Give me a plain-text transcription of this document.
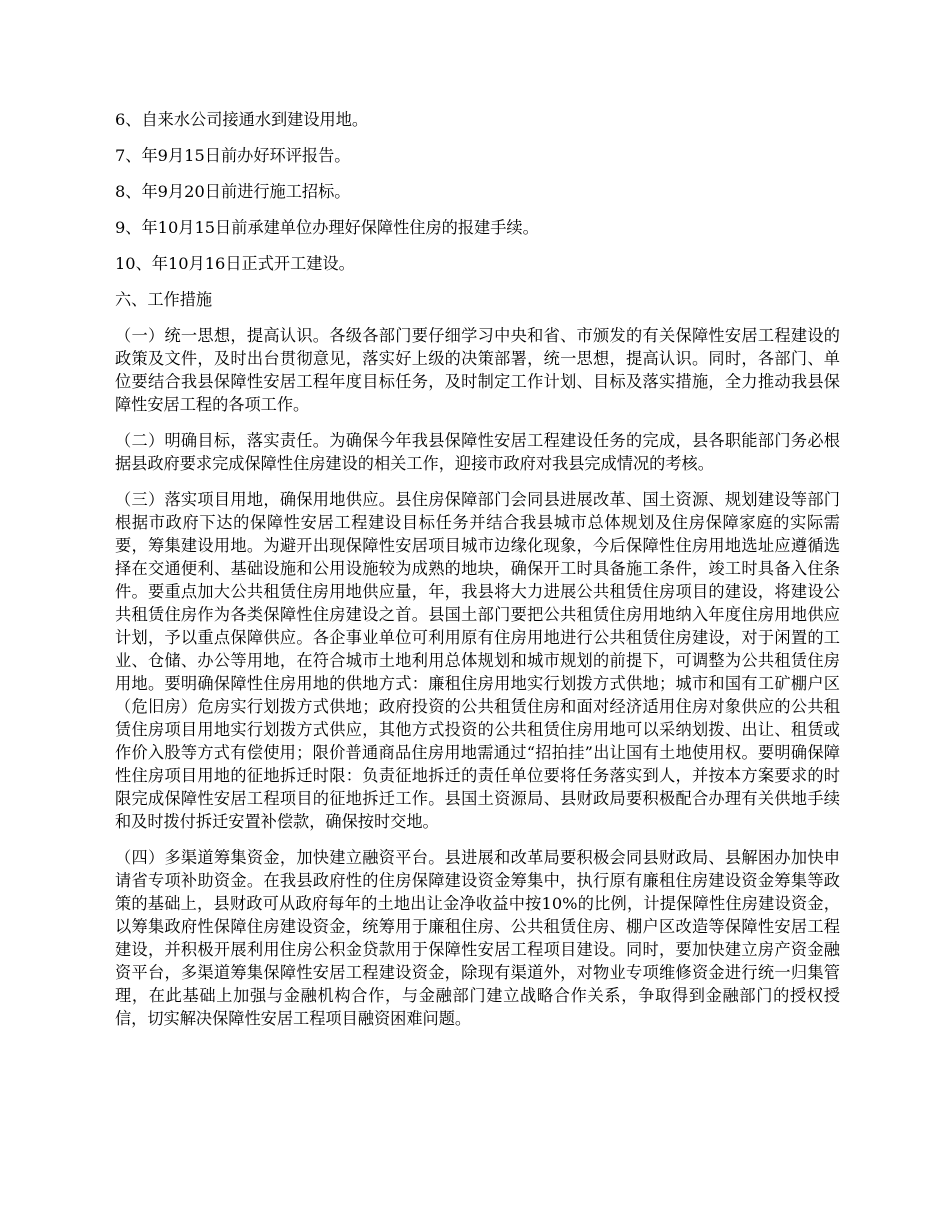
6、自来水公司接通水到建设用地。

7、年9月15日前办好环评报告。

8、年9月20日前进行施工招标。

9、年10月15日前承建单位办理好保障性住房的报建手续。

10、年10月16日正式开工建设。

六、工作措施

（一）统一思想，提高认识。各级各部门要仔细学习中央和省、市颁发的有关保障性安居工程建设的政策及文件，及时出台贯彻意见，落实好上级的决策部署，统一思想，提高认识。同时，各部门、单位要结合我县保障性安居工程年度目标任务，及时制定工作计划、目标及落实措施，全力推动我县保障性安居工程的各项工作。

（二）明确目标，落实责任。为确保今年我县保障性安居工程建设任务的完成，县各职能部门务必根据县政府要求完成保障性住房建设的相关工作，迎接市政府对我县完成情况的考核。

（三）落实项目用地，确保用地供应。县住房保障部门会同县进展改革、国土资源、规划建设等部门根据市政府下达的保障性安居工程建设目标任务并结合我县城市总体规划及住房保障家庭的实际需要，筹集建设用地。为避开出现保障性安居项目城市边缘化现象，今后保障性住房用地选址应遵循选择在交通便利、基础设施和公用设施较为成熟的地块，确保开工时具备施工条件，竣工时具备入住条件。要重点加大公共租赁住房用地供应量，年，我县将大力进展公共租赁住房项目的建设，将建设公共租赁住房作为各类保障性住房建设之首。县国土部门要把公共租赁住房用地纳入年度住房用地供应计划，予以重点保障供应。各企事业单位可利用原有住房用地进行公共租赁住房建设，对于闲置的工业、仓储、办公等用地，在符合城市土地利用总体规划和城市规划的前提下，可调整为公共租赁住房用地。要明确保障性住房用地的供地方式：廉租住房用地实行划拨方式供地；城市和国有工矿棚户区（危旧房）危房实行划拨方式供地；政府投资的公共租赁住房和面对经济适用住房对象供应的公共租赁住房项目用地实行划拨方式供应，其他方式投资的公共租赁住房用地可以采纳划拨、出让、租赁或作价入股等方式有偿使用；限价普通商品住房用地需通过“招拍挂”出让国有土地使用权。要明确保障性住房项目用地的征地拆迁时限：负责征地拆迁的责任单位要将任务落实到人，并按本方案要求的时限完成保障性安居工程项目的征地拆迁工作。县国土资源局、县财政局要积极配合办理有关供地手续和及时拨付拆迁安置补偿款，确保按时交地。

（四）多渠道筹集资金，加快建立融资平台。县进展和改革局要积极会同县财政局、县解困办加快申请省专项补助资金。在我县政府性的住房保障建设资金筹集中，执行原有廉租住房建设资金筹集等政策的基础上，县财政可从政府每年的土地出让金净收益中按10%的比例，计提保障性住房建设资金，以筹集政府性保障住房建设资金，统筹用于廉租住房、公共租赁住房、棚户区改造等保障性安居工程建设，并积极开展利用住房公积金贷款用于保障性安居工程项目建设。同时，要加快建立房产资金融资平台，多渠道筹集保障性安居工程建设资金，除现有渠道外，对物业专项维修资金进行统一归集管理，在此基础上加强与金融机构合作，与金融部门建立战略合作关系，争取得到金融部门的授权授信，切实解决保障性安居工程项目融资困难问题。
